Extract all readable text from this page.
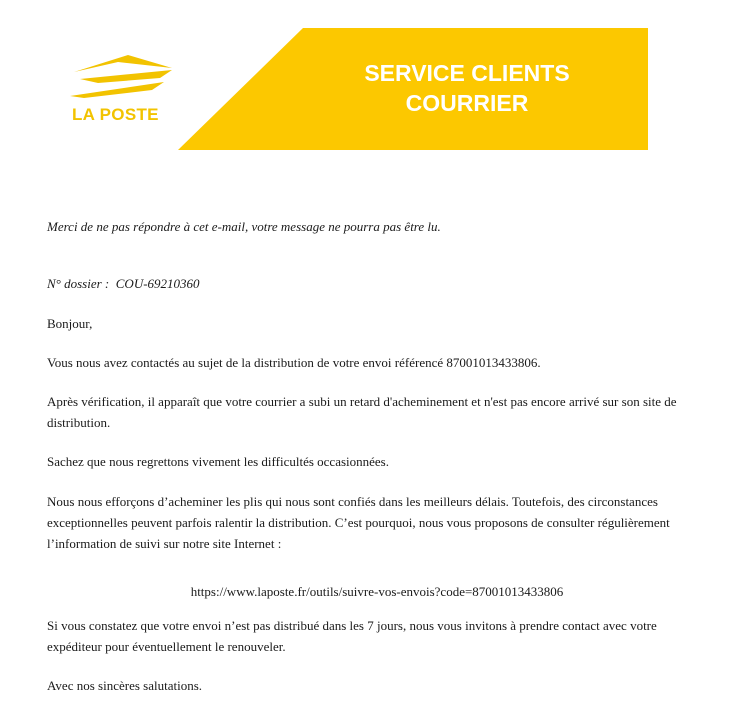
LA POSTE
SERVICE CLIENTS
COURRIER

Merci de ne pas répondre à cet e-mail, votre message ne pourra pas être lu.

N° dossier : COU-69210360

Bonjour,

Vous nous avez contactés au sujet de la distribution de votre envoi référencé 87001013433806.

Après vérification, il apparaît que votre courrier a subi un retard d'acheminement et n'est pas encore arrivé sur son site de distribution.

Sachez que nous regrettons vivement les difficultés occasionnées.

Nous nous efforçons d’acheminer les plis qui nous sont confiés dans les meilleurs délais. Toutefois, des circonstances exceptionnelles peuvent parfois ralentir la distribution. C’est pourquoi, nous vous proposons de consulter régulièrement l’information de suivi sur notre site Internet :

https://www.laposte.fr/outils/suivre-vos-envois?code=87001013433806

Si vous constatez que votre envoi n’est pas distribué dans les 7 jours, nous vous invitons à prendre contact avec votre expéditeur pour éventuellement le renouveler.

Avec nos sincères salutations.
